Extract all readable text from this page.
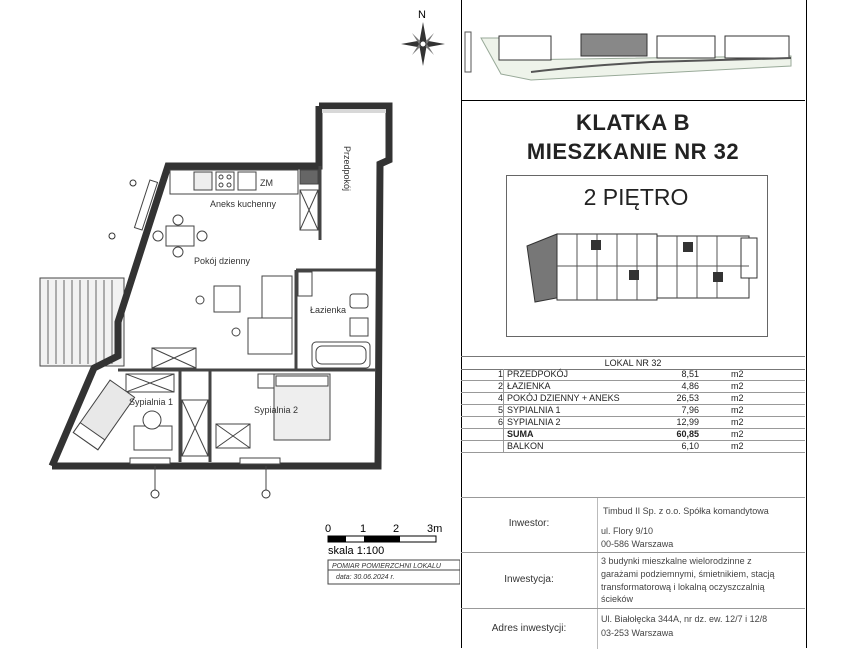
N
ZM
Aneks kuchenny
Pokój dzienny
Łazienka
Sypialnia 1
Sypialnia 2
Przedpokój
0	1 2	3m
skala 1:100
POMIAR POWIERZCHNI LOKALU
data: 30.06.2024 r.
KLATKA B
MIESZKANIE NR 32
2 PIĘTRO
LOKAL NR 32
1 PRZEDPOKÓJ	8,51	m2
2 ŁAZIENKA	4,86	m2
4 POKÓJ DZIENNY + ANEKS	26,53	m2
5 SYPIALNIA 1	7,96	m2
6 SYPIALNIA 2	12,99	m2
SUMA	60,85	m2
BALKON	6,10	m2
Inwestor:
Timbud II Sp. z o.o. Spółka komandytowa
ul. Flory 9/10
00-586 Warszawa
Inwestycja:
3 budynki mieszkalne wielorodzinne z
garażami podziemnymi, śmietnikiem, stacją
transformatorową i lokalną oczyszczalnią
ścieków
Adres inwestycji:
Ul. Białołęcka 344A, nr dz. ew. 12/7 i 12/8
03-253 Warszawa
